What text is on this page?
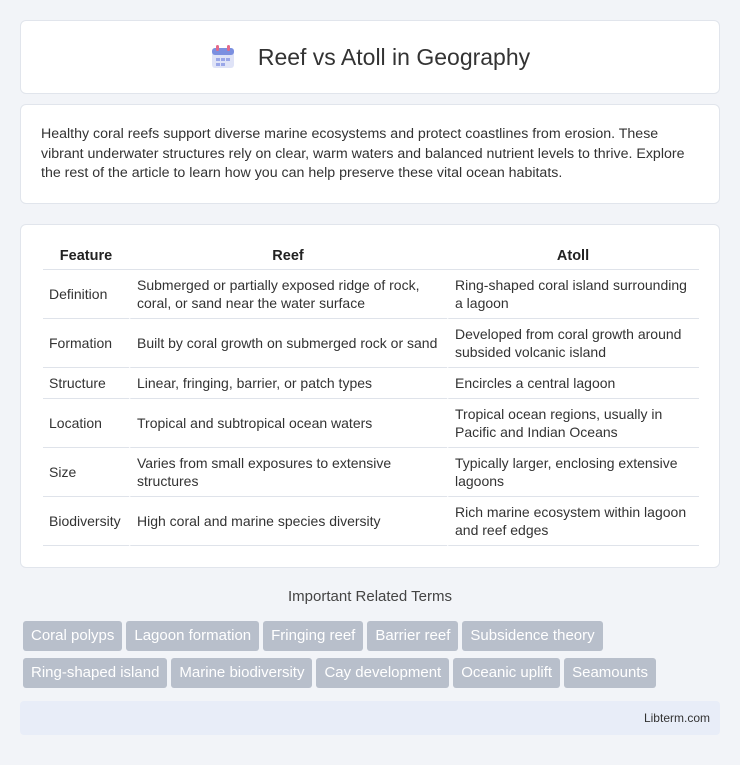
Reef vs Atoll in Geography

Healthy coral reefs support diverse marine ecosystems and protect coastlines from erosion. These vibrant underwater structures rely on clear, warm waters and balanced nutrient levels to thrive. Explore the rest of the article to learn how you can help preserve these vital ocean habitats.

Feature	Reef	Atoll
Definition	Submerged or partially exposed ridge of rock, coral, or sand near the water surface	Ring-shaped coral island surrounding a lagoon
Formation	Built by coral growth on submerged rock or sand	Developed from coral growth around subsided volcanic island
Structure	Linear, fringing, barrier, or patch types	Encircles a central lagoon
Location	Tropical and subtropical ocean waters	Tropical ocean regions, usually in Pacific and Indian Oceans
Size	Varies from small exposures to extensive structures	Typically larger, enclosing extensive lagoons
Biodiversity	High coral and marine species diversity	Rich marine ecosystem within lagoon and reef edges
Important Related Terms
Coral polyps Lagoon formation Fringing reef Barrier reef Subsidence theory
Ring-shaped island Marine biodiversity Cay development Oceanic uplift Seamounts
Libterm.com
